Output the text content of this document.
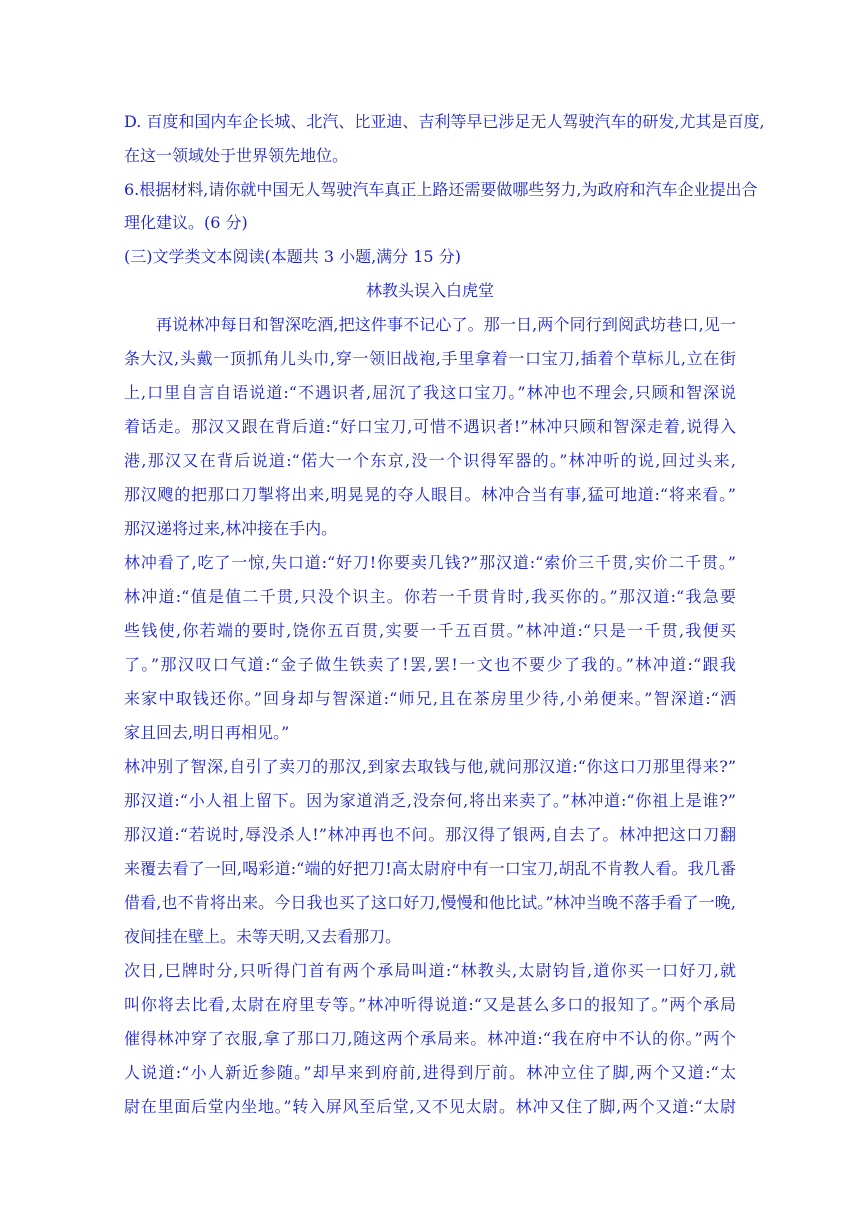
D. 百度和国内车企长城、北汽、比亚迪、吉利等早已涉足无人驾驶汽车的研发,尤其是百度,
在这一领域处于世界领先地位。
6.根据材料,请你就中国无人驾驶汽车真正上路还需要做哪些努力,为政府和汽车企业提出合
理化建议。(6 分)
(三)文学类文本阅读(本题共 3 小题,满分 15 分)
林教头误入白虎堂
再说林冲每日和智深吃酒,把这件事不记心了。那一日,两个同行到阅武坊巷口,见一
条大汉,头戴一顶抓角儿头巾,穿一领旧战袍,手里拿着一口宝刀,插着个草标儿,立在街
上,口里自言自语说道:“不遇识者,屈沉了我这口宝刀。”林冲也不理会,只顾和智深说
着话走。那汉又跟在背后道:“好口宝刀,可惜不遇识者!”林冲只顾和智深走着,说得入
港,那汉又在背后说道:“偌大一个东京,没一个识得军器的。”林冲听的说,回过头来,
那汉飕的把那口刀掣将出来,明晃晃的夺人眼目。林冲合当有事,猛可地道:“将来看。”
那汉递将过来,林冲接在手内。
林冲看了,吃了一惊,失口道:“好刀!你要卖几钱?”那汉道:“索价三千贯,实价二千贯。”
林冲道:“值是值二千贯,只没个识主。你若一千贯肯时,我买你的。”那汉道:“我急要
些钱使,你若端的要时,饶你五百贯,实要一千五百贯。”林冲道:“只是一千贯,我便买
了。”那汉叹口气道:“金子做生铁卖了!罢,罢!一文也不要少了我的。”林冲道:“跟我
来家中取钱还你。”回身却与智深道:“师兄,且在茶房里少待,小弟便来。”智深道:“洒
家且回去,明日再相见。”
林冲别了智深,自引了卖刀的那汉,到家去取钱与他,就问那汉道:“你这口刀那里得来?”
那汉道:“小人祖上留下。因为家道消乏,没奈何,将出来卖了。”林冲道:“你祖上是谁?”
那汉道:“若说时,辱没杀人!”林冲再也不问。那汉得了银两,自去了。林冲把这口刀翻
来覆去看了一回,喝彩道:“端的好把刀!高太尉府中有一口宝刀,胡乱不肯教人看。我几番
借看,也不肯将出来。今日我也买了这口好刀,慢慢和他比试。”林冲当晚不落手看了一晚,
夜间挂在壁上。未等天明,又去看那刀。
次日,巳牌时分,只听得门首有两个承局叫道:“林教头,太尉钧旨,道你买一口好刀,就
叫你将去比看,太尉在府里专等。”林冲听得说道:“又是甚么多口的报知了。”两个承局
催得林冲穿了衣服,拿了那口刀,随这两个承局来。林冲道:“我在府中不认的你。”两个
人说道:“小人新近参随。”却早来到府前,进得到厅前。林冲立住了脚,两个又道:“太
尉在里面后堂内坐地。”转入屏风至后堂,又不见太尉。林冲又住了脚,两个又道:“太尉
